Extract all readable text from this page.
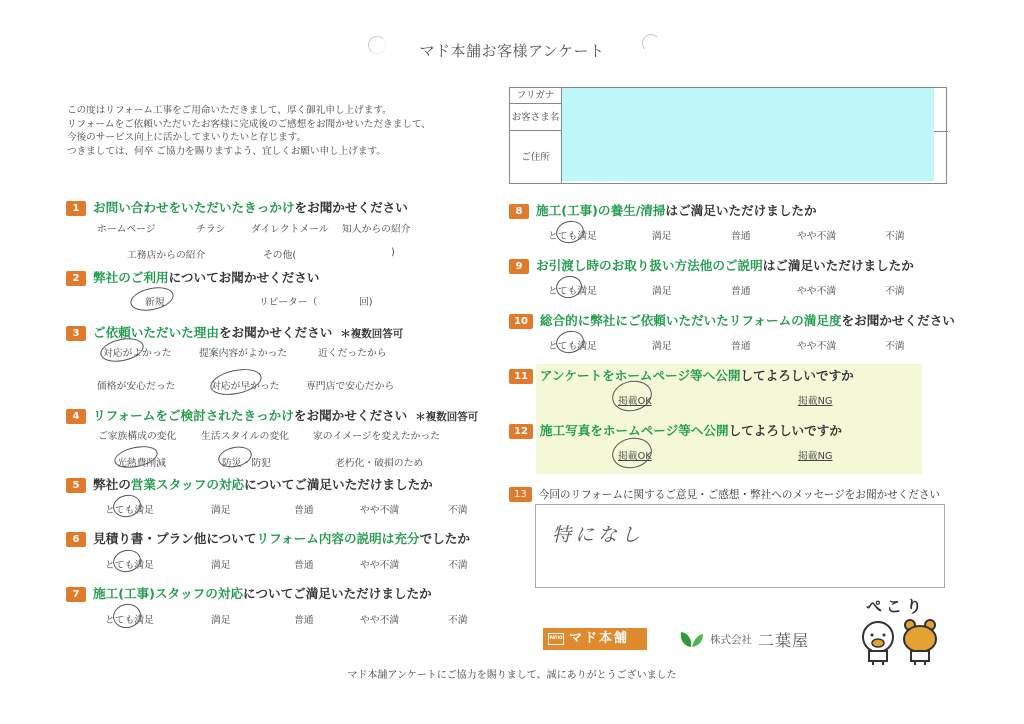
マド本舗お客様アンケート
この度はリフォーム工事をご用命いただきまして、厚く御礼申し上げます。
リフォームをご依頼いただいたお客様に完成後のご感想をお聞かせいただきまして、
今後のサービス向上に活かしてまいりたいと存じます。
つきましては、何卒 ご協力を賜りますよう、宜しくお願い申し上げます。
フリガナ
お客さま名
ご住所
1 お問い合わせをいただいたきっかけをお聞かせください
ホームページ	チラシ	ダイレクトメール 知人からの紹介
工務店からの紹介	その他(	)
2 弊社のご利用についてお聞かせください
新規	リピーター（	回)
3 ご依頼いただいた理由をお聞かせください ＊複数回答可
対応がよかった	提案内容がよかった	近くだったから
価格が安心だった	対応が早かった	専門店で安心だから
4 リフォームをご検討されたきっかけをお聞かせください ＊複数回答可
ご家族構成の変化	生活スタイルの変化 家のイメージを変えたかった
光熱費削減	防災・防犯	老朽化・破損のため
5 弊社の営業スタッフの対応についてご満足いただけましたか
とても満足	満足	普通	やや不満	不満
6 見積り書・プラン他についてリフォーム内容の説明は充分でしたか
とても満足	満足	普通	やや不満	不満
7 施工(工事)スタッフの対応についてご満足いただけましたか
とても満足	満足	普通	やや不満	不満
8 施工(工事)の養生/清掃はご満足いただけましたか
とても満足	満足	普通	やや不満	不満
9 お引渡し時のお取り扱い方法他のご説明はご満足いただけましたか
とても満足	満足	普通	やや不満	不満
10 総合的に弊社にご依頼いただいたリフォームの満足度をお聞かせください
とても満足	満足	普通	やや不満	不満
11 アンケートをホームページ等へ公開してよろしいですか
掲載OK	掲載NG
12 施工写真をホームページ等へ公開してよろしいですか
掲載OK	掲載NG
13 今回のリフォームに関するご意見・ご感想・弊社へのメッセージをお聞かせください
特になし
PATIO マド本舗	株式会社 二葉屋
ぺこり
マド本舗アンケートにご協力を賜りまして、誠にありがとうございました
